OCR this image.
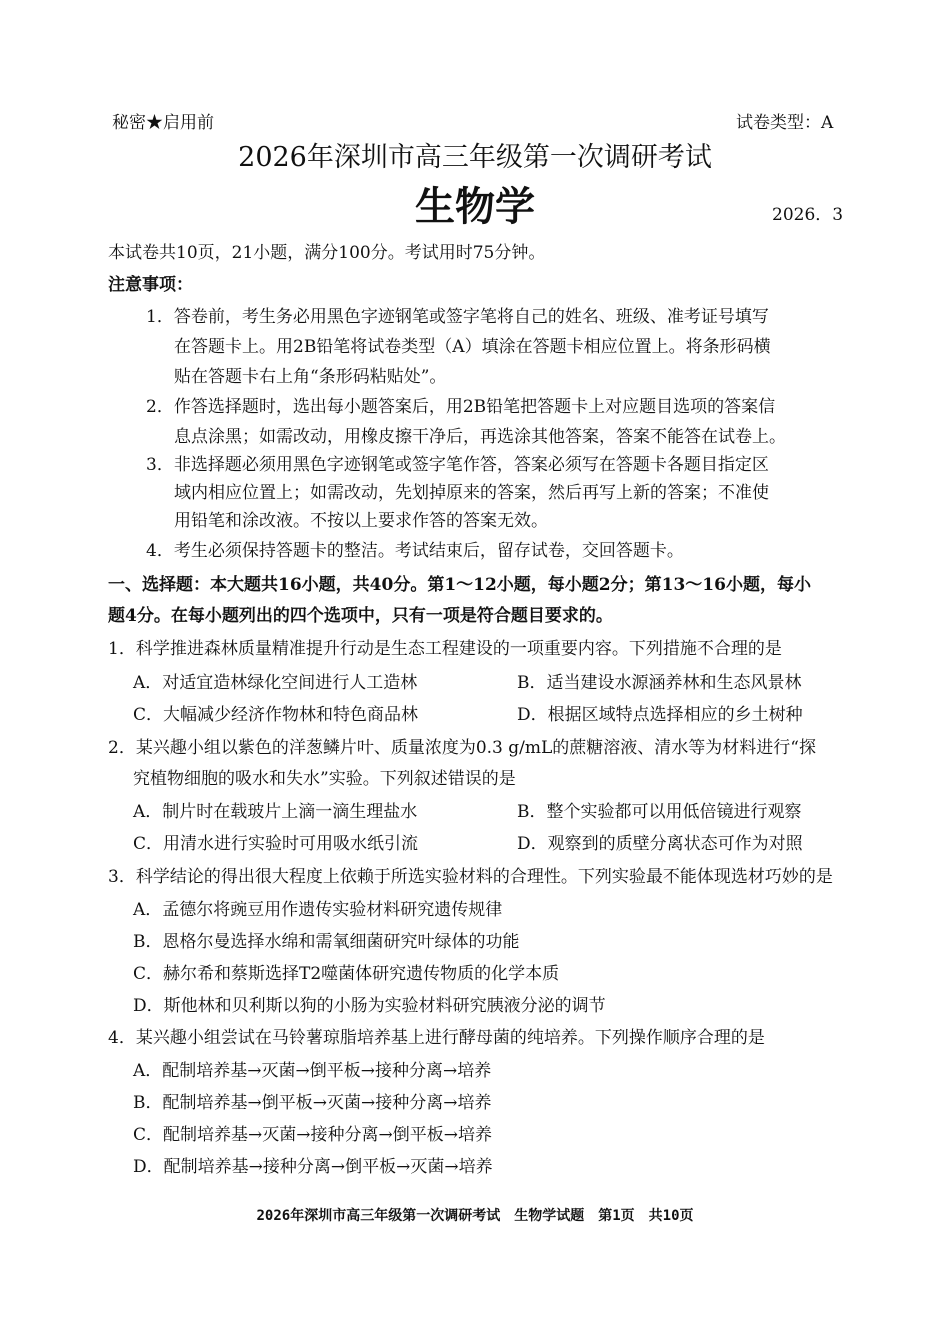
秘密★启用前	试卷类型：A
2026年深圳市高三年级第一次调研考试
生物学	2026．3
本试卷共10页，21小题，满分100分。考试用时75分钟。
注意事项：
1．答卷前，考生务必用黑色字迹钢笔或签字笔将自己的姓名、班级、准考证号填写
在答题卡上。用2B铅笔将试卷类型（A）填涂在答题卡相应位置上。将条形码横
贴在答题卡右上角“条形码粘贴处”。
2．作答选择题时，选出每小题答案后，用2B铅笔把答题卡上对应题目选项的答案信
息点涂黑；如需改动，用橡皮擦干净后，再选涂其他答案，答案不能答在试卷上。
3．非选择题必须用黑色字迹钢笔或签字笔作答，答案必须写在答题卡各题目指定区
域内相应位置上；如需改动，先划掉原来的答案，然后再写上新的答案；不准使
用铅笔和涂改液。不按以上要求作答的答案无效。
4．考生必须保持答题卡的整洁。考试结束后，留存试卷，交回答题卡。
一、选择题：本大题共16小题，共40分。第1～12小题，每小题2分；第13～16小题，每小
题4分。在每小题列出的四个选项中，只有一项是符合题目要求的。
1．科学推进森林质量精准提升行动是生态工程建设的一项重要内容。下列措施不合理的是
A．对适宜造林绿化空间进行人工造林	B．适当建设水源涵养林和生态风景林
C．大幅减少经济作物林和特色商品林	D．根据区域特点选择相应的乡土树种
2．某兴趣小组以紫色的洋葱鳞片叶、质量浓度为0.3 g/mL的蔗糖溶液、清水等为材料进行“探
究植物细胞的吸水和失水”实验。下列叙述错误的是
A．制片时在载玻片上滴一滴生理盐水	B．整个实验都可以用低倍镜进行观察
C．用清水进行实验时可用吸水纸引流	D．观察到的质壁分离状态可作为对照
3．科学结论的得出很大程度上依赖于所选实验材料的合理性。下列实验最不能体现选材巧妙的是
A．孟德尔将豌豆用作遗传实验材料研究遗传规律
B．恩格尔曼选择水绵和需氧细菌研究叶绿体的功能
C．赫尔希和蔡斯选择T2噬菌体研究遗传物质的化学本质
D．斯他林和贝利斯以狗的小肠为实验材料研究胰液分泌的调节
4．某兴趣小组尝试在马铃薯琼脂培养基上进行酵母菌的纯培养。下列操作顺序合理的是
A．配制培养基→灭菌→倒平板→接种分离→培养
B．配制培养基→倒平板→灭菌→接种分离→培养
C．配制培养基→灭菌→接种分离→倒平板→培养
D．配制培养基→接种分离→倒平板→灭菌→培养
2026年深圳市高三年级第一次调研考试　生物学试题　第1页　共10页
